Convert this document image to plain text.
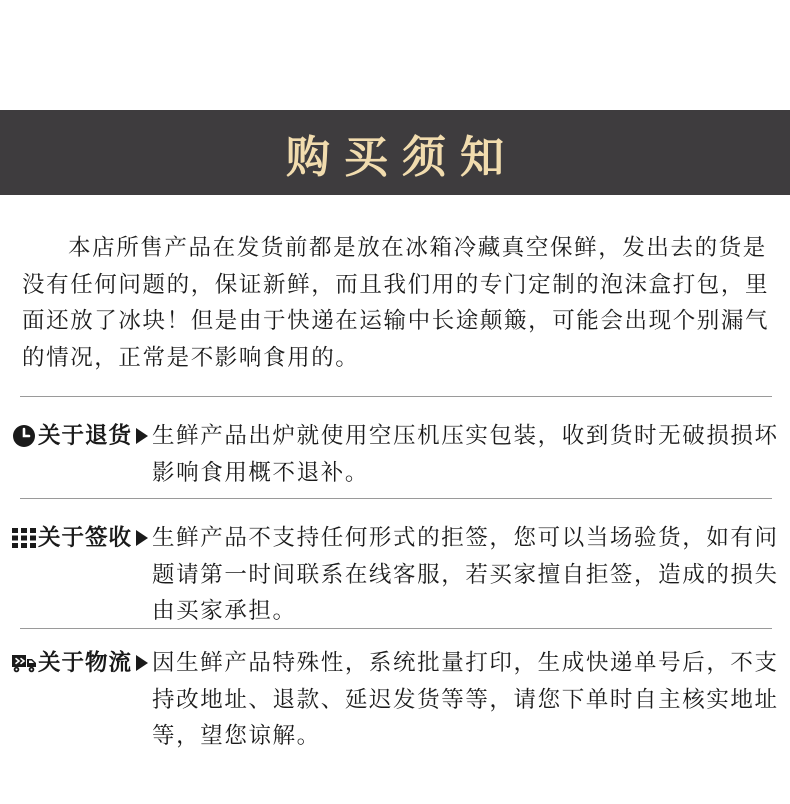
购买须知

本店所售产品在发货前都是放在冰箱冷藏真空保鲜，发出去的货是没有任何问题的，保证新鲜，而且我们用的专门定制的泡沫盒打包，里面还放了冰块！但是由于快递在运输中长途颠簸，可能会出现个别漏气的情况，正常是不影响食用的。

关于退货 生鲜产品出炉就使用空压机压实包装，收到货时无破损损坏影响食用概不退补。

关于签收 生鲜产品不支持任何形式的拒签，您可以当场验货，如有问题请第一时间联系在线客服，若买家擅自拒签，造成的损失由买家承担。

关于物流 因生鲜产品特殊性，系统批量打印，生成快递单号后，不支持改地址、退款、延迟发货等等，请您下单时自主核实地址等，望您谅解。
